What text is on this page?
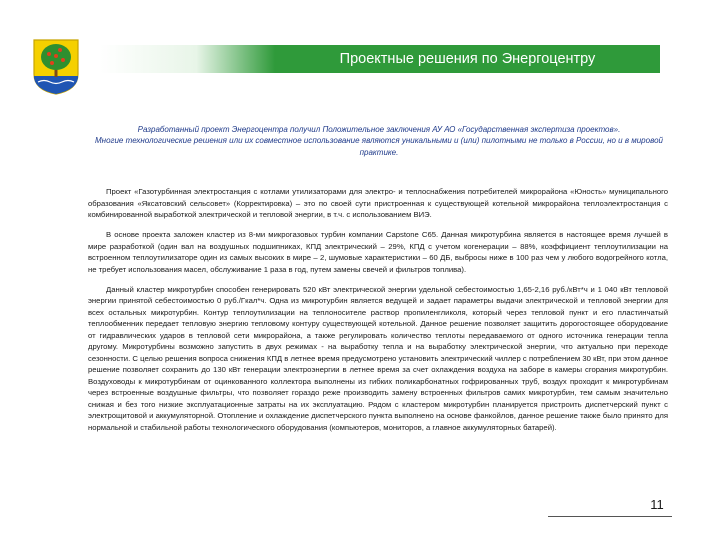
Проектные решения по Энергоцентру

Разработанный проект Энергоцентра получил Положительное заключения АУ АО «Государственная экспертиза проектов».

Многие технологические решения или их совместное использование являются уникальными и (или) пилотными не только в России, но и в мировой практике.

Проект «Газотурбинная электростанция с котлами утилизаторами для электро- и теплоснабжения потребителей микрорайона «Юность» муниципального образования «Яксатовский сельсовет» (Корректировка) – это по своей сути пристроенная к существующей котельной микрорайона теплоэлектростанция с комбинированной выработкой электрической и тепловой энергии, в т.ч. с использованием ВИЭ.

В основе проекта заложен кластер из 8-ми микрогазовых турбин компании Capstone C65. Данная микротурбина является в настоящее время лучшей в мире разработкой (один вал на воздушных подшипниках, КПД электрический – 29%, КПД с учетом когенерации – 88%, коэффициент теплоутилизации на встроенном теплоутилизаторе один из самых высоких в мире – 2, шумовые характеристики – 60 ДБ, выбросы ниже в 100 раз чем у любого водогрейного котла, не требует использования масел, обслуживание 1 раза в год, путем замены свечей и фильтров топлива).

Данный кластер микротурбин способен генерировать 520 кВт электрической энергии удельной себестоимостью 1,65-2,16 руб./кВт*ч и 1 040 кВт тепловой энергии принятой себестоимостью 0 руб./Гкал*ч. Одна из микротурбин является ведущей и задает параметры выдачи электрической и тепловой энергии для всех остальных микротурбин. Контур теплоутилизации на теплоносителе раствор пропиленгликоля, который через тепловой пункт и его пластинчатый теплообменник передает тепловую энергию тепловому контуру существующей котельной. Данное решение позволяет защитить дорогостоящее оборудование от гидравлических ударов в тепловой сети микрорайона, а также регулировать количество теплоты передаваемого от одного источника генерации тепла другому. Микротурбины возможно запустить в двух режимах - на выработку тепла и на выработку электрической энергии, что актуально при переходе сезонности. С целью решения вопроса снижения КПД в летнее время предусмотрено установить электрический чиллер с потреблением 30 кВт, при этом данное решение позволяет сохранить до 130 кВт генерации электроэнергии в летнее время за счет охлаждения воздуха на заборе в камеры сгорания микротурбин. Воздуховоды к микротурбинам от оцинкованного коллектора выполнены из гибких поликарбонатных гофрированных труб, воздух проходит к микротурбинам через встроенные воздушные фильтры, что позволяет гораздо реже производить замену встроенных фильтров самих микротурбин, тем самым значительно снижая и без того низкие эксплуатационные затраты на их эксплуатацию. Рядом с кластером микротурбин планируется пристроить диспетчерский пункт с электрощитовой и аккумуляторной. Отопление и охлаждение диспетчерского пункта выполнено на основе фанкойлов, данное решение также было принято для нормальной и стабильной работы технологического оборудования (компьютеров, мониторов, а главное аккумуляторных батарей).

11
